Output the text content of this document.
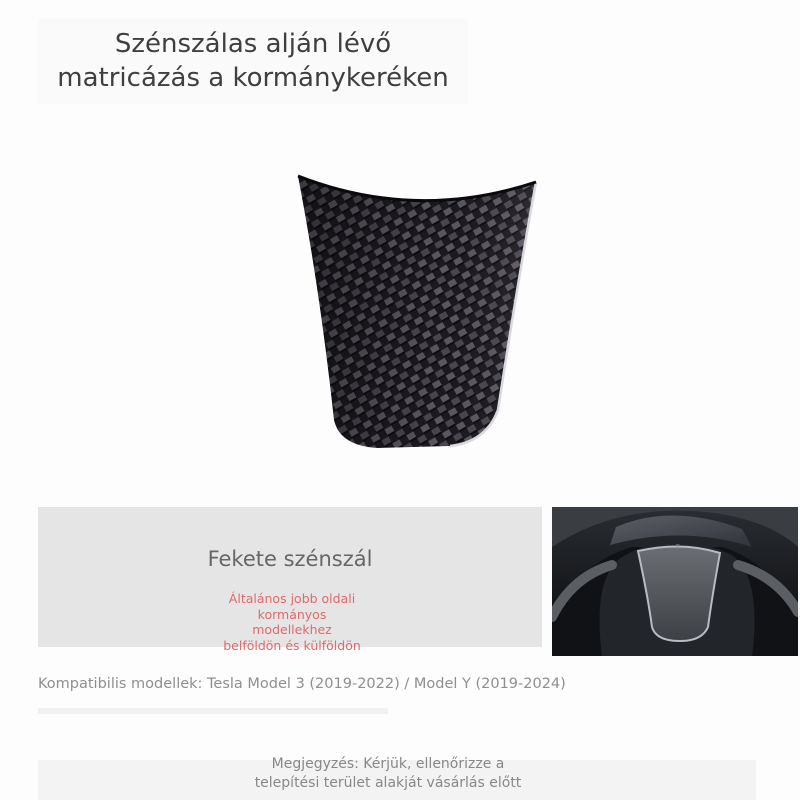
Szénszálas alján lévő
matricázás a kormánykeréken
Fekete szénszál
Általános jobb oldali
kormányos
modellekhez
belföldön és külföldön
T
Kompatibilis modellek: Tesla Model 3 (2019-2022) / Model Y (2019-2024)
Megjegyzés: Kérjük, ellenőrizze a
telepítési terület alakját vásárlás előtt
